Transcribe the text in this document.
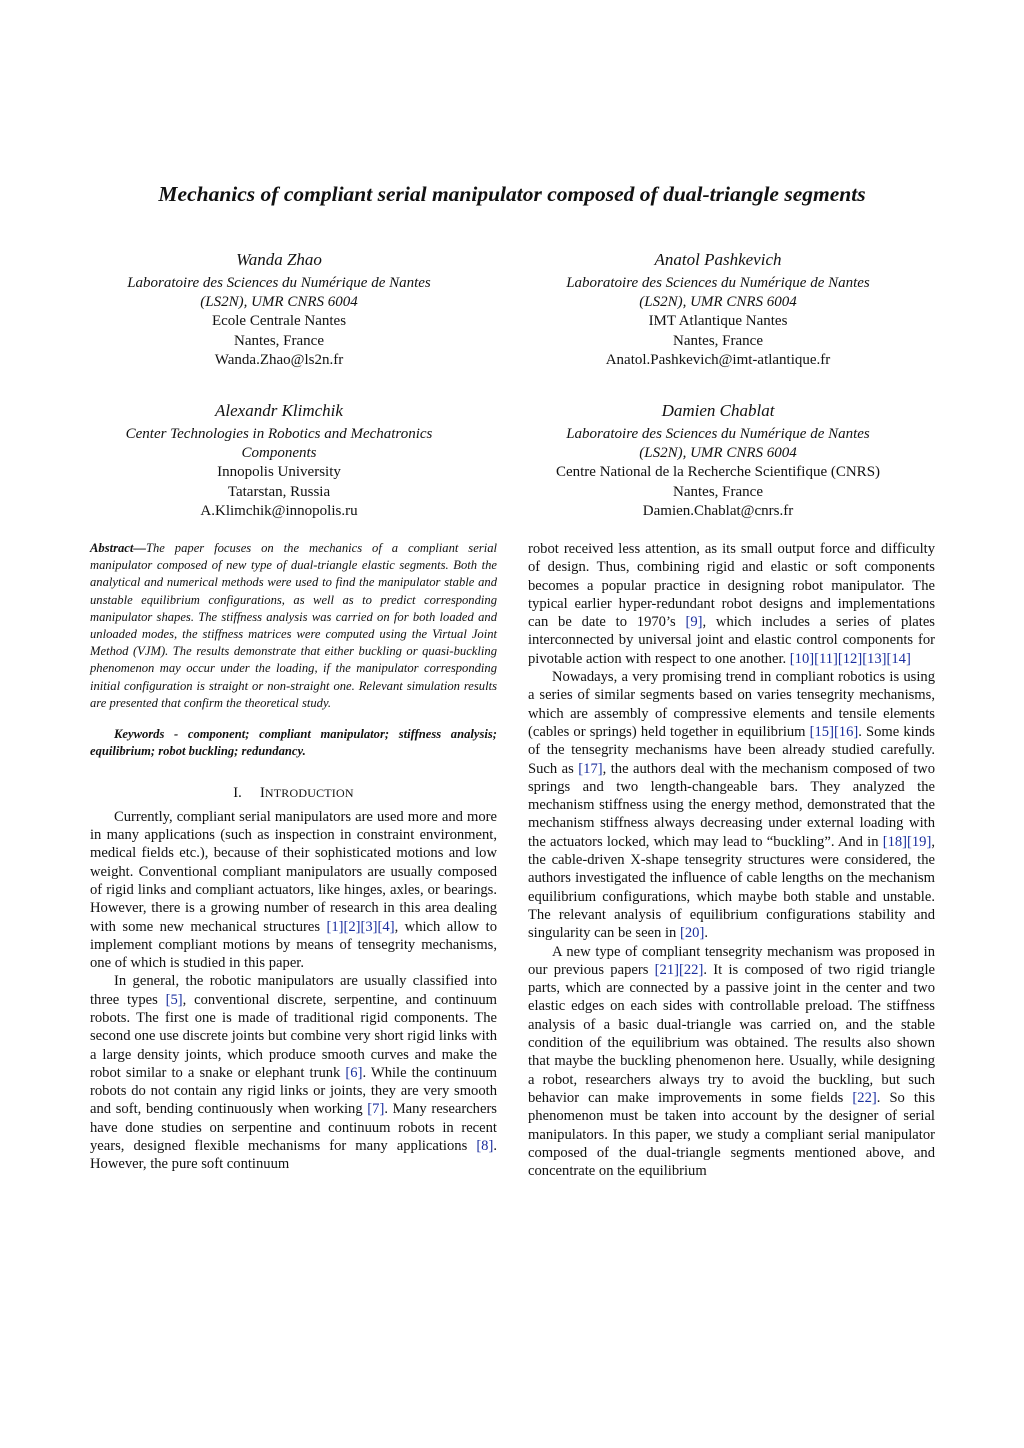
Mechanics of compliant serial manipulator composed of dual-triangle segments
Wanda Zhao
Laboratoire des Sciences du Numérique de Nantes
(LS2N), UMR CNRS 6004
Ecole Centrale Nantes
Nantes, France
Wanda.Zhao@ls2n.fr
Anatol Pashkevich
Laboratoire des Sciences du Numérique de Nantes
(LS2N), UMR CNRS 6004
IMT Atlantique Nantes
Nantes, France
Anatol.Pashkevich@imt-atlantique.fr
Alexandr Klimchik
Center Technologies in Robotics and Mechatronics
Components
Innopolis University
Tatarstan, Russia
A.Klimchik@innopolis.ru
Damien Chablat
Laboratoire des Sciences du Numérique de Nantes
(LS2N), UMR CNRS 6004
Centre National de la Recherche Scientifique (CNRS)
Nantes, France
Damien.Chablat@cnrs.fr
Abstract—The paper focuses on the mechanics of a compliant serial manipulator composed of new type of dual-triangle elastic segments. Both the analytical and numerical methods were used to find the manipulator stable and unstable equilibrium configurations, as well as to predict corresponding manipulator shapes. The stiffness analysis was carried on for both loaded and unloaded modes, the stiffness matrices were computed using the Virtual Joint Method (VJM). The results demonstrate that either buckling or quasi-buckling phenomenon may occur under the loading, if the manipulator corresponding initial configuration is straight or non-straight one. Relevant simulation results are presented that confirm the theoretical study.
Keywords - component; compliant manipulator; stiffness analysis; equilibrium; robot buckling; redundancy.
I. INTRODUCTION

Currently, compliant serial manipulators are used more and more in many applications (such as inspection in constraint environment, medical fields etc.), because of their sophisticated motions and low weight. Conventional compliant manipulators are usually composed of rigid links and compliant actuators, like hinges, axles, or bearings. However, there is a growing number of research in this area dealing with some new mechanical structures [1][2][3][4], which allow to implement compliant motions by means of tensegrity mechanisms, one of which is studied in this paper.

In general, the robotic manipulators are usually classified into three types [5], conventional discrete, serpentine, and continuum robots. The first one is made of traditional rigid components. The second one use discrete joints but combine very short rigid links with a large density joints, which produce smooth curves and make the robot similar to a snake or elephant trunk [6]. While the continuum robots do not contain any rigid links or joints, they are very smooth and soft, bending continuously when working [7]. Many researchers have done studies on serpentine and continuum robots in recent years, designed flexible mechanisms for many applications [8]. However, the pure soft continuum

robot received less attention, as its small output force and difficulty of design. Thus, combining rigid and elastic or soft components becomes a popular practice in designing robot manipulator. The typical earlier hyper-redundant robot designs and implementations can be date to 1970’s [9], which includes a series of plates interconnected by universal joint and elastic control components for pivotable action with respect to one another. [10][11][12][13][14]

Nowadays, a very promising trend in compliant robotics is using a series of similar segments based on varies tensegrity mechanisms, which are assembly of compressive elements and tensile elements (cables or springs) held together in equilibrium [15][16]. Some kinds of the tensegrity mechanisms have been already studied carefully. Such as [17], the authors deal with the mechanism composed of two springs and two length-changeable bars. They analyzed the mechanism stiffness using the energy method, demonstrated that the mechanism stiffness always decreasing under external loading with the actuators locked, which may lead to “buckling”. And in [18][19], the cable-driven X-shape tensegrity structures were considered, the authors investigated the influence of cable lengths on the mechanism equilibrium configurations, which maybe both stable and unstable. The relevant analysis of equilibrium configurations stability and singularity can be seen in [20].

A new type of compliant tensegrity mechanism was proposed in our previous papers [21][22]. It is composed of two rigid triangle parts, which are connected by a passive joint in the center and two elastic edges on each sides with controllable preload. The stiffness analysis of a basic dual-triangle was carried on, and the stable condition of the equilibrium was obtained. The results also shown that maybe the buckling phenomenon here. Usually, while designing a robot, researchers always try to avoid the buckling, but such behavior can make improvements in some fields [22]. So this phenomenon must be taken into account by the designer of serial manipulators. In this paper, we study a compliant serial manipulator composed of the dual-triangle segments mentioned above, and concentrate on the equilibrium
